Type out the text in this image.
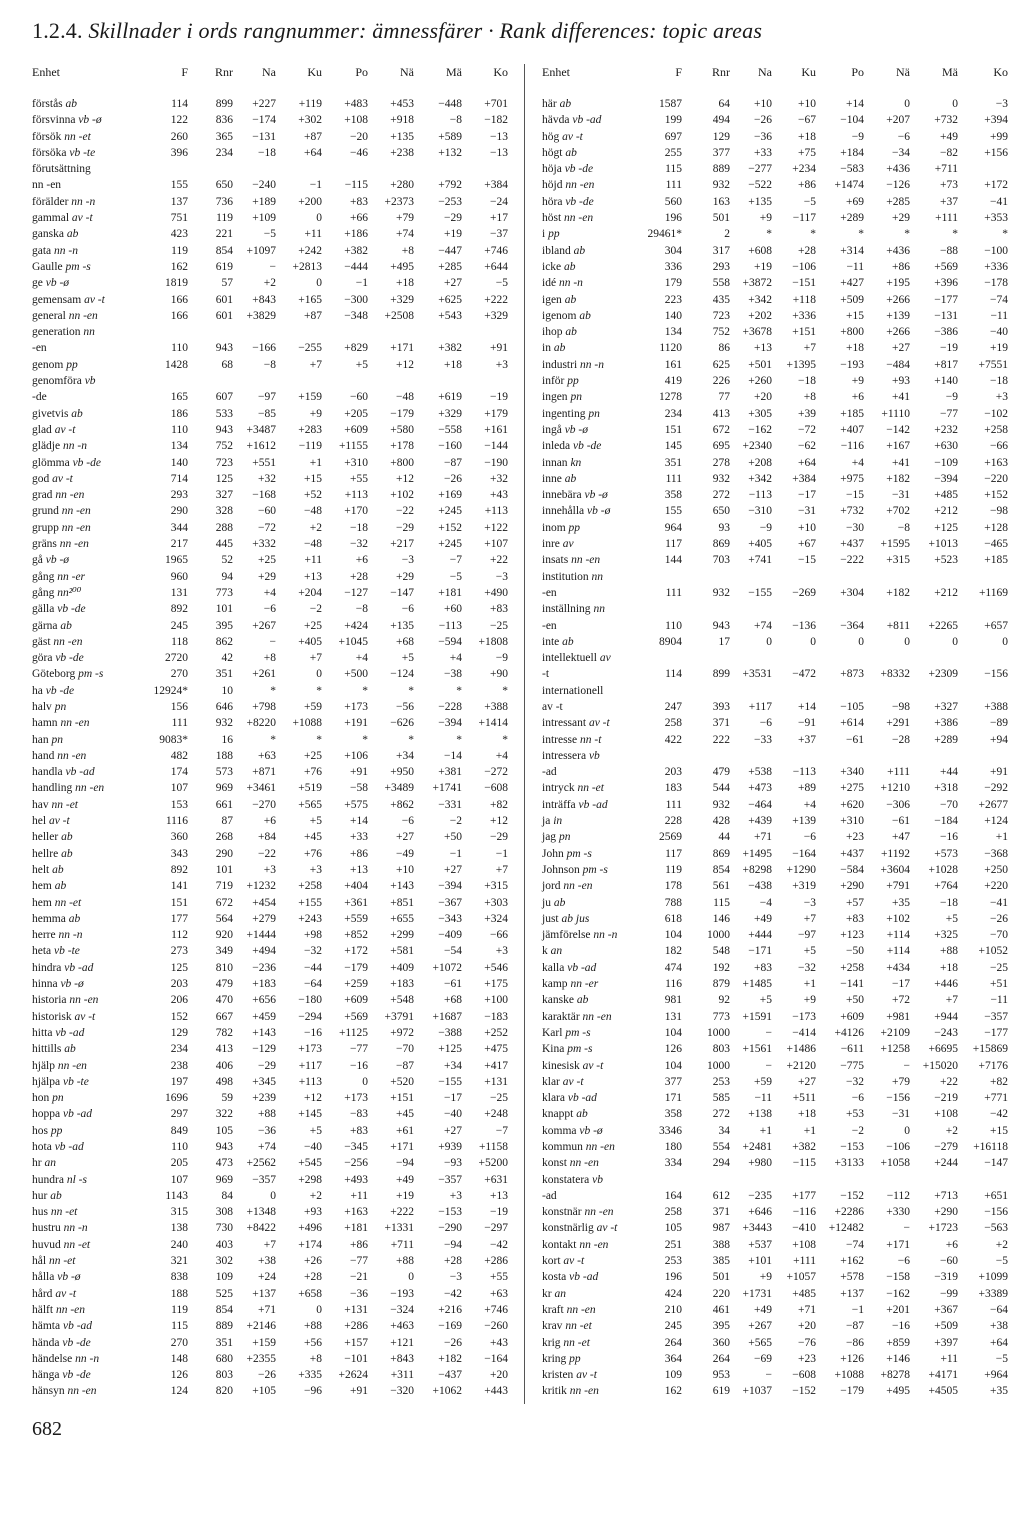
1.2.4. Skillnader i ords rangnummer: ämnessfärer · Rank differences: topic areas
Enhet	F	Rnr	Na	Ku	Po	Nä	Mä	Ko
förstås ab	114	899	+227	+119	+483	+453	−448	+701
försvinna vb -ø	122	836	−174	+302	+108	+918	−8	−182
försök nn -et	260	365	−131	+87	−20	+135	+589	−13
försöka vb -te	396	234	−18	+64	−46	+238	+132	−13
förutsättning								
nn -en	155	650	−240	−1	−115	+280	+792	+384
förälder nn -n	137	736	+189	+200	+83	+2373	−253	−24
gammal av -t	751	119	+109	0	+66	+79	−29	+17
ganska ab	423	221	−5	+11	+186	+74	+19	−37
gata nn -n	119	854	+1097	+242	+382	+8	−447	+746
Gaulle pm -s	162	619	−	+2813	−444	+495	+285	+644
ge vb -ø	1819	57	+2	0	−1	+18	+27	−5
gemensam av -t	166	601	+843	+165	−300	+329	+625	+222
general nn -en	166	601	+3829	+87	−348	+2508	+543	+329
generation nn								
-en	110	943	−166	−255	+829	+171	+382	+91
genom pp	1428	68	−8	+7	+5	+12	+18	+3
genomföra vb								
-de	165	607	−97	+159	−60	−48	+619	−19
givetvis ab	186	533	−85	+9	+205	−179	+329	+179
glad av -t	110	943	+3487	+283	+609	+580	−558	+161
glädje nn -n	134	752	+1612	−119	+1155	+178	−160	−144
glömma vb -de	140	723	+551	+1	+310	+800	−87	−190
god av -t	714	125	+32	+15	+55	+12	−26	+32
grad nn -en	293	327	−168	+52	+113	+102	+169	+43
grund nn -en	290	328	−60	−48	+170	−22	+245	+113
grupp nn -en	344	288	−72	+2	−18	−29	+152	+122
gräns nn -en	217	445	+332	−48	−32	+217	+245	+107
gå vb -ø	1965	52	+25	+11	+6	−3	−7	+22
gång nn -er	960	94	+29	+13	+28	+29	−5	−3
gång nn²⁰⁰	131	773	+4	+204	−127	−147	+181	+490
gälla vb -de	892	101	−6	−2	−8	−6	+60	+83
gärna ab	245	395	+267	+25	+424	+135	−113	−25
gäst nn -en	118	862	−	+405	+1045	+68	−594	+1808
göra vb -de	2720	42	+8	+7	+4	+5	+4	−9
Göteborg pm -s	270	351	+261	0	+500	−124	−38	+90
ha vb -de	12924*	10	*	*	*	*	*	*
halv pn	156	646	+798	+59	+173	−56	−228	+388
hamn nn -en	111	932	+8220	+1088	+191	−626	−394	+1414
han pn	9083*	16	*	*	*	*	*	*
hand nn -en	482	188	+63	+25	+106	+34	−14	+4
handla vb -ad	174	573	+871	+76	+91	+950	+381	−272
handling nn -en	107	969	+3461	+519	−58	+3489	+1741	−608
hav nn -et	153	661	−270	+565	+575	+862	−331	+82
hel av -t	1116	87	+6	+5	+14	−6	−2	+12
heller ab	360	268	+84	+45	+33	+27	+50	−29
hellre ab	343	290	−22	+76	+86	−49	−1	−1
helt ab	892	101	+3	+3	+13	+10	+27	+7
hem ab	141	719	+1232	+258	+404	+143	−394	+315
hem nn -et	151	672	+454	+155	+361	+851	−367	+303
hemma ab	177	564	+279	+243	+559	+655	−343	+324
herre nn -n	112	920	+1444	+98	+852	+299	−409	−66
heta vb -te	273	349	+494	−32	+172	+581	−54	+3
hindra vb -ad	125	810	−236	−44	−179	+409	+1072	+546
hinna vb -ø	203	479	+183	−64	+259	+183	−61	+175
historia nn -en	206	470	+656	−180	+609	+548	+68	+100
historisk av -t	152	667	+459	−294	+569	+3791	+1687	−183
hitta vb -ad	129	782	+143	−16	+1125	+972	−388	+252
hittills ab	234	413	−129	+173	−77	−70	+125	+475
hjälp nn -en	238	406	−29	+117	−16	−87	+34	+417
hjälpa vb -te	197	498	+345	+113	0	+520	−155	+131
hon pn	1696	59	+239	+12	+173	+151	−17	−25
hoppa vb -ad	297	322	+88	+145	−83	+45	−40	+248
hos pp	849	105	−36	+5	+83	+61	+27	−7
hota vb -ad	110	943	+74	−40	−345	+171	+939	+1158
hr an	205	473	+2562	+545	−256	−94	−93	+5200
hundra nl -s	107	969	−357	+298	+493	+49	−357	+631
hur ab	1143	84	0	+2	+11	+19	+3	+13
hus nn -et	315	308	+1348	+93	+163	+222	−153	−19
hustru nn -n	138	730	+8422	+496	+181	+1331	−290	−297
huvud nn -et	240	403	+7	+174	+86	+711	−94	−42
hål nn -et	321	302	+38	+26	−77	+88	+28	+286
hålla vb -ø	838	109	+24	+28	−21	0	−3	+55
hård av -t	188	525	+137	+658	−36	−193	−42	+63
hälft nn -en	119	854	+71	0	+131	−324	+216	+746
hämta vb -ad	115	889	+2146	+88	+286	+463	−169	−260
hända vb -de	270	351	+159	+56	+157	+121	−26	+43
händelse nn -n	148	680	+2355	+8	−101	+843	+182	−164
hänga vb -de	126	803	−26	+335	+2624	+311	−437	+20
hänsyn nn -en	124	820	+105	−96	+91	−320	+1062	+443
Enhet	F	Rnr	Na	Ku	Po	Nä	Mä	Ko
här ab	1587	64	+10	+10	+14	0	0	−3
hävda vb -ad	199	494	−26	−67	−104	+207	+732	+394
hög av -t	697	129	−36	+18	−9	−6	+49	+99
högt ab	255	377	+33	+75	+184	−34	−82	+156
höja vb -de	115	889	−277	+234	−583	+436	+711	
höjd nn -en	111	932	−522	+86	+1474	−126	+73	+172
höra vb -de	560	163	+135	−5	+69	+285	+37	−41
höst nn -en	196	501	+9	−117	+289	+29	+111	+353
i pp	29461*	2	*	*	*	*	*	*
ibland ab	304	317	+608	+28	+314	+436	−88	−100
icke ab	336	293	+19	−106	−11	+86	+569	+336
idé nn -n	179	558	+3872	−151	+427	+195	+396	−178
igen ab	223	435	+342	+118	+509	+266	−177	−74
igenom ab	140	723	+202	+336	+15	+139	−131	−11
ihop ab	134	752	+3678	+151	+800	+266	−386	−40
in ab	1120	86	+13	+7	+18	+27	−19	+19
industri nn -n	161	625	+501	+1395	−193	−484	+817	+7551
inför pp	419	226	+260	−18	+9	+93	+140	−18
ingen pn	1278	77	+20	+8	+6	+41	−9	+3
ingenting pn	234	413	+305	+39	+185	+1110	−77	−102
ingå vb -ø	151	672	−162	−72	+407	−142	+232	+258
inleda vb -de	145	695	+2340	−62	−116	+167	+630	−66
innan kn	351	278	+208	+64	+4	+41	−109	+163
inne ab	111	932	+342	+384	+975	+182	−394	−220
innebära vb -ø	358	272	−113	−17	−15	−31	+485	+152
innehålla vb -ø	155	650	−310	−31	+732	+702	+212	−98
inom pp	964	93	−9	+10	−30	−8	+125	+128
inre av	117	869	+405	+67	+437	+1595	+1013	−465
insats nn -en	144	703	+741	−15	−222	+315	+523	+185
institution nn								
-en	111	932	−155	−269	+304	+182	+212	+1169
inställning nn								
-en	110	943	+74	−136	−364	+811	+2265	+657
inte ab	8904	17	0	0	0	0	0	0
intellektuell av								
-t	114	899	+3531	−472	+873	+8332	+2309	−156
internationell								
av -t	247	393	+117	+14	−105	−98	+327	+388
intressant av -t	258	371	−6	−91	+614	+291	+386	−89
intresse nn -t	422	222	−33	+37	−61	−28	+289	+94
intressera vb								
-ad	203	479	+538	−113	+340	+111	+44	+91
intryck nn -et	183	544	+473	+89	+275	+1210	+318	−292
inträffa vb -ad	111	932	−464	+4	+620	−306	−70	+2677
ja in	228	428	+439	+139	+310	−61	−184	+124
jag pn	2569	44	+71	−6	+23	+47	−16	+1
John pm -s	117	869	+1495	−164	+437	+1192	+573	−368
Johnson pm -s	119	854	+8298	+1290	−584	+3604	+1028	+250
jord nn -en	178	561	−438	+319	+290	+791	+764	+220
ju ab	788	115	−4	−3	+57	+35	−18	−41
just ab jus	618	146	+49	+7	+83	+102	+5	−26
jämförelse nn -n	104	1000	+444	−97	+123	+114	+325	−70
k an	182	548	−171	+5	−50	+114	+88	+1052
kalla vb -ad	474	192	+83	−32	+258	+434	+18	−25
kamp nn -er	116	879	+1485	+1	−141	−17	+446	+51
kanske ab	981	92	+5	+9	+50	+72	+7	−11
karaktär nn -en	131	773	+1591	−173	+609	+981	+944	−357
Karl pm -s	104	1000	−	−414	+4126	+2109	−243	−177
Kina pm -s	126	803	+1561	+1486	−611	+1258	+6695	+15869
kinesisk av -t	104	1000	−	+2120	−775	−	+15020	+7176
klar av -t	377	253	+59	+27	−32	+79	+22	+82
klara vb -ad	171	585	−11	+511	−6	−156	−219	+771
knappt ab	358	272	+138	+18	+53	−31	+108	−42
komma vb -ø	3346	34	+1	+1	−2	0	+2	+15
kommun nn -en	180	554	+2481	+382	−153	−106	−279	+16118
konst nn -en	334	294	+980	−115	+3133	+1058	+244	−147
konstatera vb								
-ad	164	612	−235	+177	−152	−112	+713	+651
konstnär nn -en	258	371	+646	−116	+2286	+330	+290	−156
konstnärlig av -t	105	987	+3443	−410	+12482	−	+1723	−563
kontakt nn -en	251	388	+537	+108	−74	+171	+6	+2
kort av -t	253	385	+101	+111	+162	−6	−60	−5
kosta vb -ad	196	501	+9	+1057	+578	−158	−319	+1099
kr an	424	220	+1731	+485	+137	−162	−99	+3389
kraft nn -en	210	461	+49	+71	−1	+201	+367	−64
krav nn -et	245	395	+267	+20	−87	−16	+509	+38
krig nn -et	264	360	+565	−76	−86	+859	+397	+64
kring pp	364	264	−69	+23	+126	+146	+11	−5
kristen av -t	109	953	−	−608	+1088	+8278	+4171	+964
kritik nn -en	162	619	+1037	−152	−179	+495	+4505	+35
682
